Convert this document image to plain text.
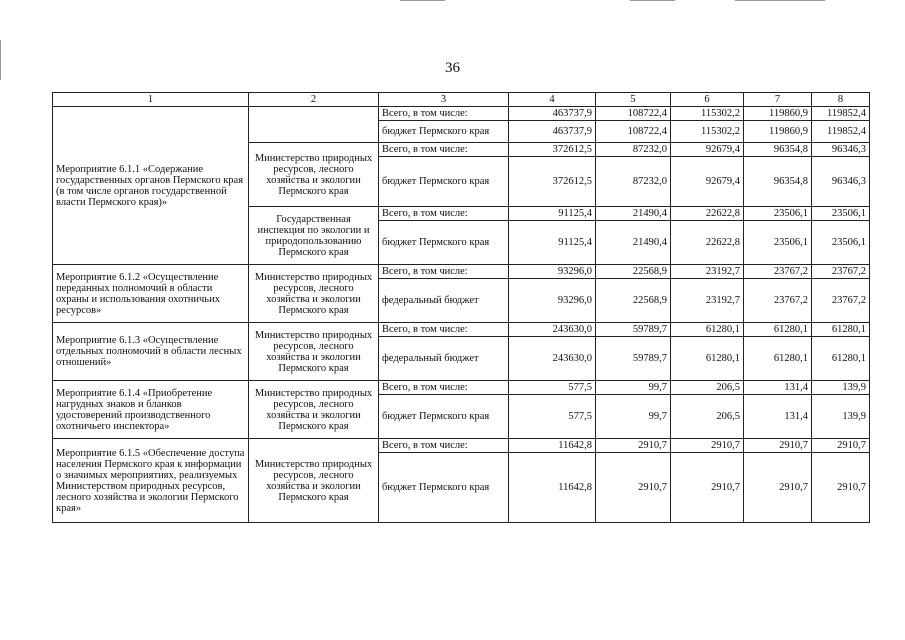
36
1	2	3	4	5	6	7	8
Мероприятие 6.1.1 «Содержание государственных органов Пермского края (в том числе органов государственной власти Пермского края)»		Всего, в том числе:	463737,9	108722,4	115302,2	119860,9	119852,4
		бюджет Пермского края	463737,9	108722,4	115302,2	119860,9	119852,4
	Министерство природных ресурсов, лесного хозяйства и экологии Пермского края	Всего, в том числе:	372612,5	87232,0	92679,4	96354,8	96346,3
		бюджет Пермского края	372612,5	87232,0	92679,4	96354,8	96346,3
	Государственная инспекция по экологии и природопользованию Пермского края	Всего, в том числе:	91125,4	21490,4	22622,8	23506,1	23506,1
		бюджет Пермского края	91125,4	21490,4	22622,8	23506,1	23506,1
Мероприятие 6.1.2 «Осуществление переданных полномочий в области охраны и использования охотничьих ресурсов»	Министерство природных ресурсов, лесного хозяйства и экологии Пермского края	Всего, в том числе:	93296,0	22568,9	23192,7	23767,2	23767,2
		федеральный бюджет	93296,0	22568,9	23192,7	23767,2	23767,2
Мероприятие 6.1.3 «Осуществление отдельных полномочий в области лесных отношений»	Министерство природных ресурсов, лесного хозяйства и экологии Пермского края	Всего, в том числе:	243630,0	59789,7	61280,1	61280,1	61280,1
		федеральный бюджет	243630,0	59789,7	61280,1	61280,1	61280,1
Мероприятие 6.1.4 «Приобретение нагрудных знаков и бланков удостоверений производственного охотничьего инспектора»	Министерство природных ресурсов, лесного хозяйства и экологии Пермского края	Всего, в том числе:	577,5	99,7	206,5	131,4	139,9
		бюджет Пермского края	577,5	99,7	206,5	131,4	139,9
Мероприятие 6.1.5 «Обеспечение доступа населения Пермского края к информации о значимых мероприятиях, реализуемых Министерством природных ресурсов, лесного хозяйства и экологии Пермского края»	Министерство природных ресурсов, лесного хозяйства и экологии Пермского края	Всего, в том числе:	11642,8	2910,7	2910,7	2910,7	2910,7
		бюджет Пермского края	11642,8	2910,7	2910,7	2910,7	2910,7
